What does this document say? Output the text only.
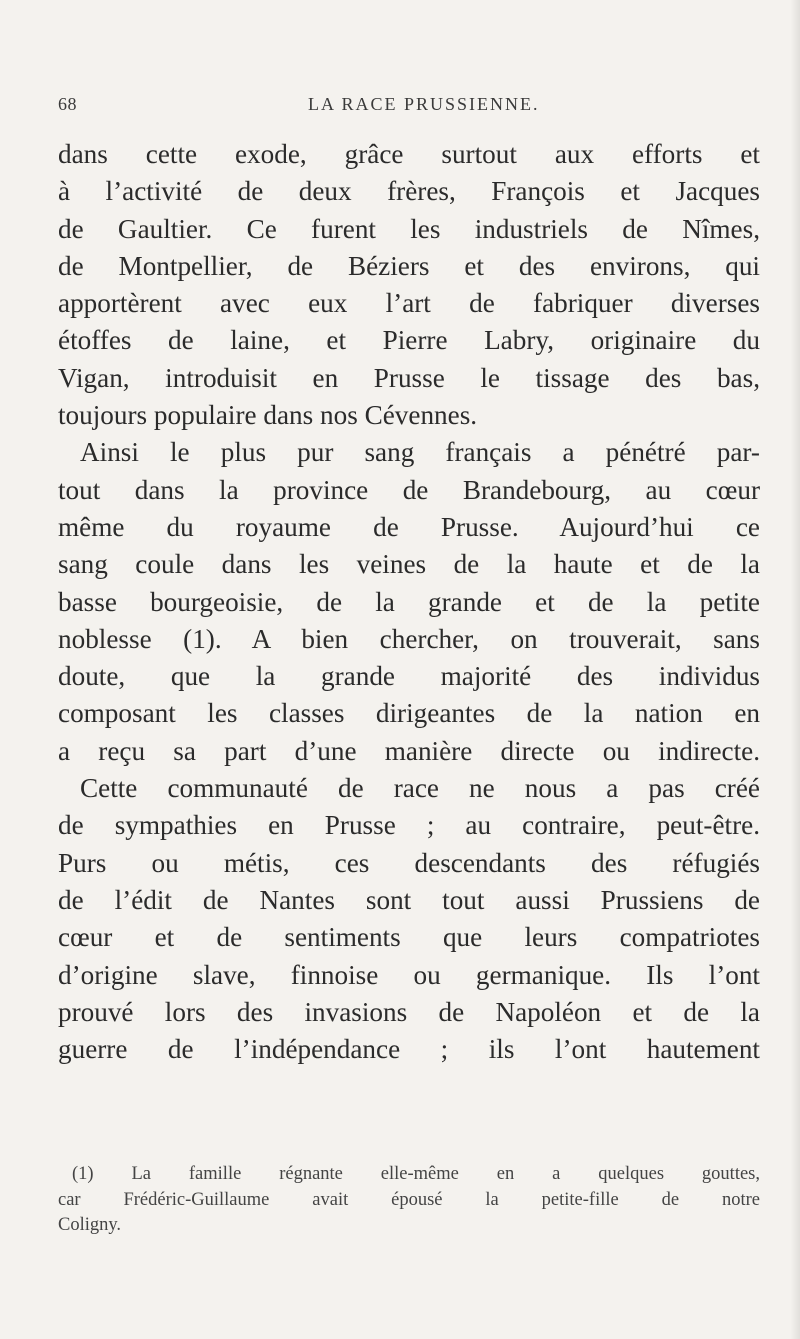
68	LA RACE PRUSSIENNE.
dans cette exode, grâce surtout aux efforts et
à l’activité de deux frères, François et Jacques
de Gaultier. Ce furent les industriels de Nîmes,
de Montpellier, de Béziers et des environs, qui
apportèrent avec eux l’art de fabriquer diverses
étoffes de laine, et Pierre Labry, originaire du
Vigan, introduisit en Prusse le tissage des bas,
toujours populaire dans nos Cévennes.
Ainsi le plus pur sang français a pénétré par-
tout dans la province de Brandebourg, au cœur
même du royaume de Prusse. Aujourd’hui ce
sang coule dans les veines de la haute et de la
basse bourgeoisie, de la grande et de la petite
noblesse (1). A bien chercher, on trouverait, sans
doute, que la grande majorité des individus
composant les classes dirigeantes de la nation en
a reçu sa part d’une manière directe ou indirecte.
Cette communauté de race ne nous a pas créé
de sympathies en Prusse ; au contraire, peut-être.
Purs ou métis, ces descendants des réfugiés
de l’édit de Nantes sont tout aussi Prussiens de
cœur et de sentiments que leurs compatriotes
d’origine slave, finnoise ou germanique. Ils l’ont
prouvé lors des invasions de Napoléon et de la
guerre de l’indépendance ; ils l’ont hautement
(1) La famille régnante elle-même en a quelques gouttes,
car Frédéric-Guillaume avait épousé la petite-fille de notre
Coligny.
